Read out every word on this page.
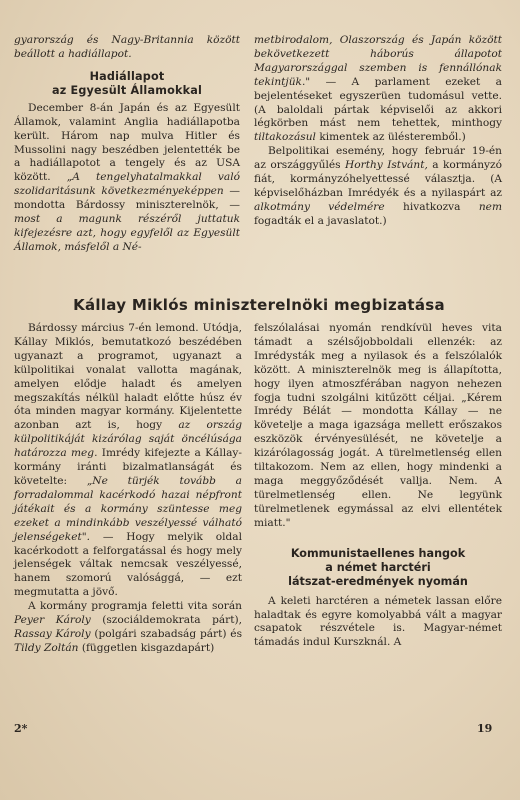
gyarország és Nagy-Britannia között beállott a hadiállapot.

Hadiállapot
az Egyesült Államokkal

December 8-án Japán és az Egyesült Államok, valamint Anglia hadiállapotba került. Három nap mulva Hitler és Mussolini nagy beszédben jelentették be a hadiállapotot a tengely és az USA között. „A tengelyhatalmakkal való szolidaritásunk következményeképpen — mondotta Bárdossy miniszterelnök, — most a magunk részéről juttatuk kifejezésre azt, hogy egyfelől az Egyesült Államok, másfelől a Né-

metbirodalom, Olaszország és Japán között bekövetkezett háborús állapotot Magyarországgal szemben is fennállónak tekintjük." — A parlament ezeket a bejelentéseket egyszerüen tudomásul vette. (A baloldali pártak képviselői az akkori légkörben mást nem tehettek, minthogy tiltakozásul kimentek az ülésteremből.)

Belpolitikai esemény, hogy február 19-én az országgyűlés Horthy Istvánt, a kormányzó fiát, kormányzóhelyettessé választja. (A képviselőházban Imrédyék és a nyilaspárt az alkotmány védelmére hivatkozva nem fogadták el a javaslatot.)

Kállay Miklós miniszterelnöki megbizatása

Bárdossy március 7-én lemond. Utódja, Kállay Miklós, bemutatkozó beszédében ugyanazt a programot, ugyanazt a külpolitikai vonalat vallotta magának, amelyen elődje haladt és amelyen megszakítás nélkül haladt előtte húsz év óta minden magyar kormány. Kijelentette azonban azt is, hogy az ország külpolitikáját kizárólag saját öncélúsága határozza meg. Imrédy kifejezte a Kállay-kormány iránti bizalmatlanságát és követelte: „Ne türjék tovább a forradalommal kacérkodó hazai népfront játékait és a kormány szüntesse meg ezeket a mindinkább veszélyessé válható jelenségeket". — Hogy melyik oldal kacérkodott a felforgatással és hogy mely jelenségek váltak nemcsak veszélyessé, hanem szomorú valósággá, — ezt megmutatta a jövő.

A kormány programja feletti vita során Peyer Károly (szociáldemokrata párt), Rassay Károly (polgári szabadság párt) és Tildy Zoltán (független kisgazdapárt)

felszólalásai nyomán rendkívül heves vita támadt a szélsőjobboldali ellenzék: az Imrédysták meg a nyilasok és a felszólalók között. A miniszterelnök meg is állapította, hogy ilyen atmoszférában nagyon nehezen fogja tudni szolgálni kitűzött céljai. „Kérem Imrédy Bélát — mondotta Kállay — ne követelje a maga igazsága mellett erőszakos eszközök érvényesülését, ne követelje a kizárólagosság jogát. A türelmetlenség ellen tiltakozom. Nem az ellen, hogy mindenki a maga meggyőződését vallja. Nem. A türelmetlenség ellen. Ne legyünk türelmetlenek egymással az elvi ellentétek miatt."

Kommunistaellenes hangok
a német harctéri
látszat-eredmények nyomán

A keleti harctéren a németek lassan előre haladtak és egyre komolyabbá vált a magyar csapatok részvétele is. Magyar-német támadás indul Kurszknál. A

2*	19
